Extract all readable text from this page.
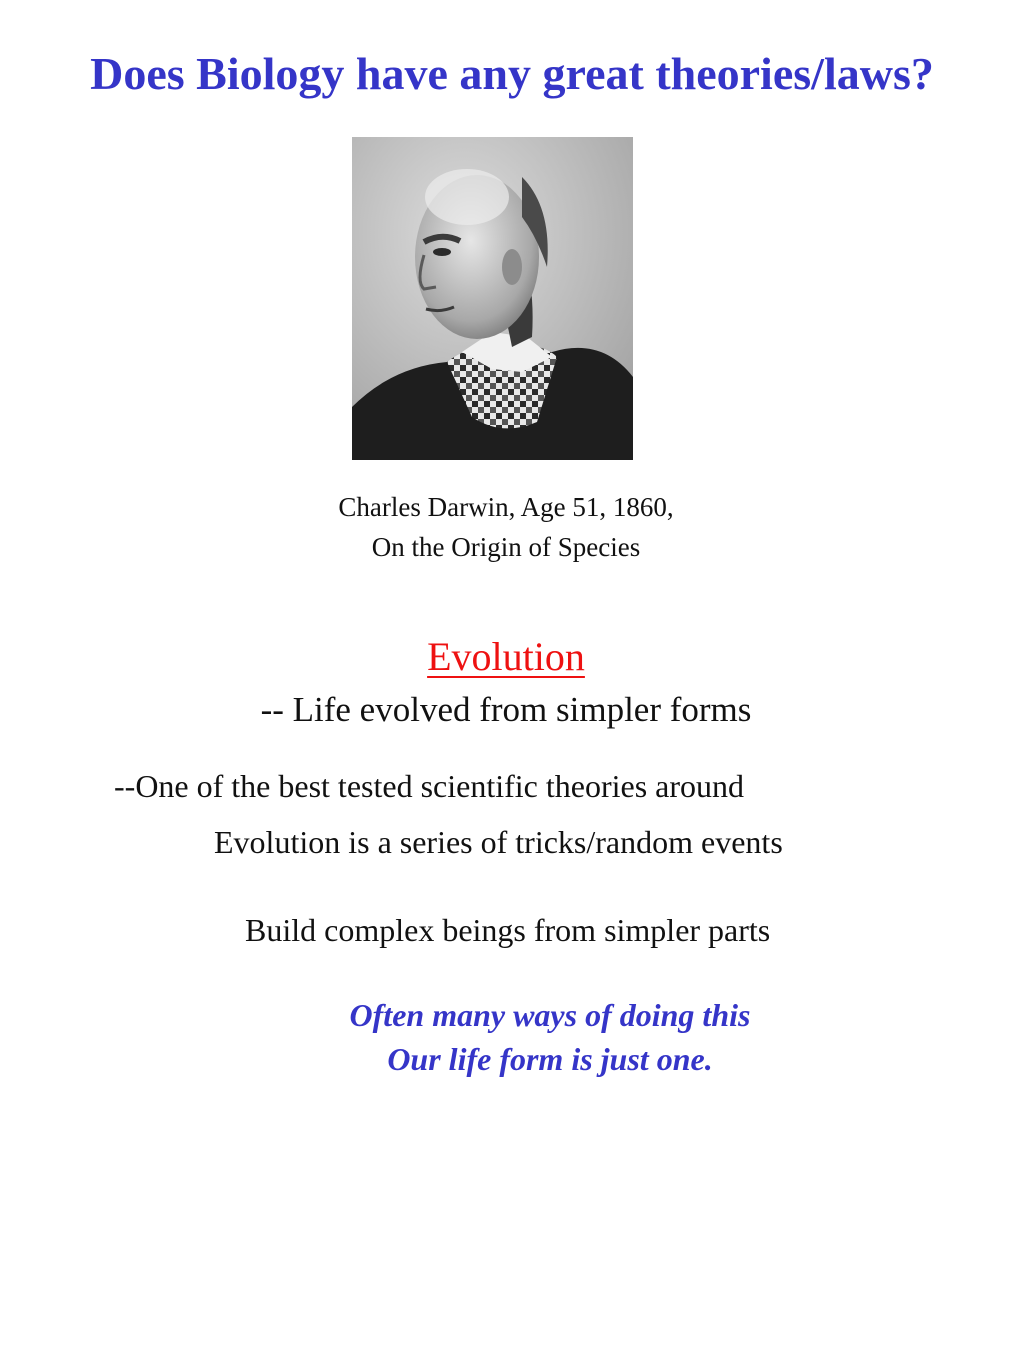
Does Biology have any great theories/laws?
Charles Darwin, Age 51, 1860,
On the Origin of Species
Evolution
-- Life evolved from simpler forms
--One of the best tested scientific theories around
Evolution is a series of tricks/random events
Build complex beings from simpler parts
Often many ways of doing this
Our life form is just one.
